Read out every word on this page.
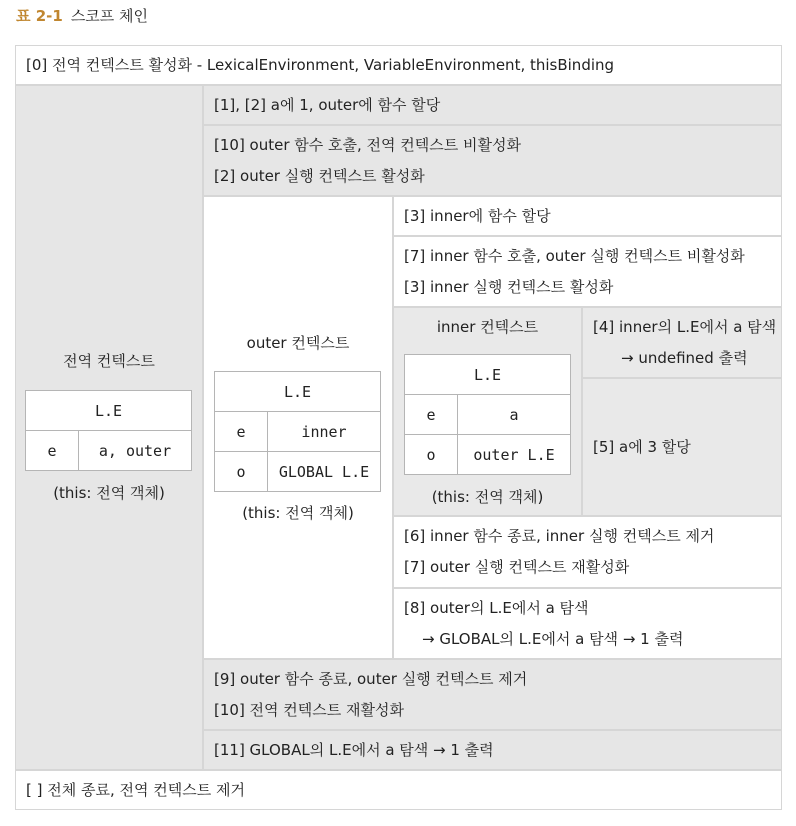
표 2-1 스코프 체인
[0] 전역 컨텍스트 활성화 - LexicalEnvironment, VariableEnvironment, thisBinding
전역 컨텍스트
L.E
e	a, outer
(this: 전역 객체)
[1], [2] a에 1, outer에 함수 할당
[10] outer 함수 호출, 전역 컨텍스트 비활성화
[2] outer 실행 컨텍스트 활성화
outer 컨텍스트
L.E	
e	inner
o	GLOBAL L.E
(this: 전역 객체)
[3] inner에 함수 할당
[7] inner 함수 호출, outer 실행 컨텍스트 비활성화
[3] inner 실행 컨텍스트 활성화
inner 컨텍스트
L.E	
e	a
o	outer L.E
(this: 전역 객체)
[4] inner의 L.E에서 a 탐색
→ undefined 출력
[5] a에 3 할당
[6] inner 함수 종료, inner 실행 컨텍스트 제거
[7] outer 실행 컨텍스트 재활성화
[8] outer의 L.E에서 a 탐색
→ GLOBAL의 L.E에서 a 탐색 → 1 출력
[9] outer 함수 종료, outer 실행 컨텍스트 제거
[10] 전역 컨텍스트 재활성화
[11] GLOBAL의 L.E에서 a 탐색 → 1 출력
[ ] 전체 종료, 전역 컨텍스트 제거
